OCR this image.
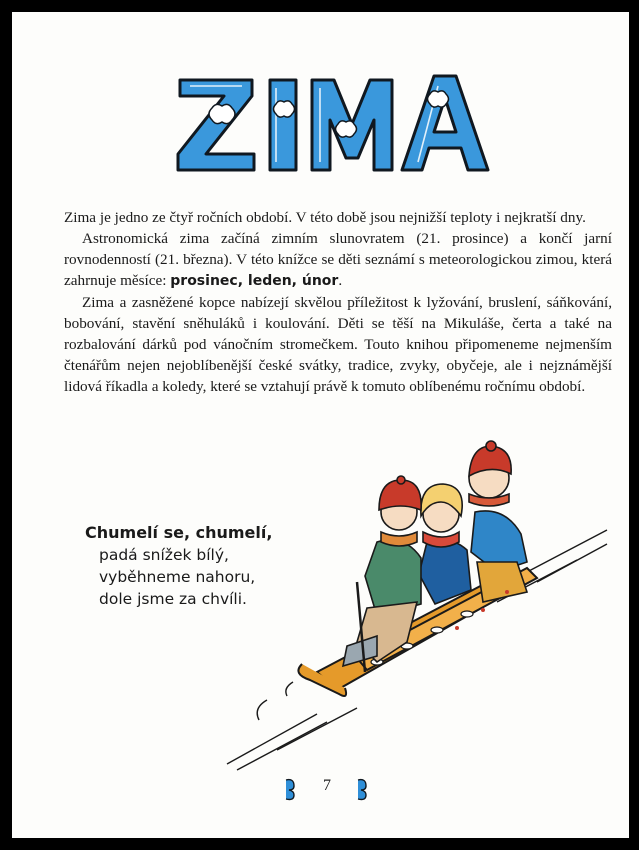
Zima je jedno ze čtyř ročních období. V této době jsou nejnižší teploty i nejkratší dny.

Astronomická zima začíná zimním slunovratem (21. prosince) a končí jarní rovnodenností (21. března). V této knížce se děti seznámí s meteorologickou zimou, která zahrnuje měsíce: prosinec, leden, únor.

Zima a zasněžené kopce nabízejí skvělou příležitost k lyžování, bruslení, sáňkování, bobování, stavění sněhuláků i koulování. Děti se těší na Mikuláše, čerta a také na rozbalování dárků pod vánočním stromečkem. Touto knihou připomeneme nejmenším čtenářům nejen nejoblíbenější české svátky, tradice, zvyky, obyčeje, ale i nejznámější lidová říkadla a koledy, které se vztahují právě k tomuto oblíbenému ročnímu období.

Chumelí se, chumelí,
padá snížek bílý,
vyběhneme nahoru,
dole jsme za chvíli.
7
